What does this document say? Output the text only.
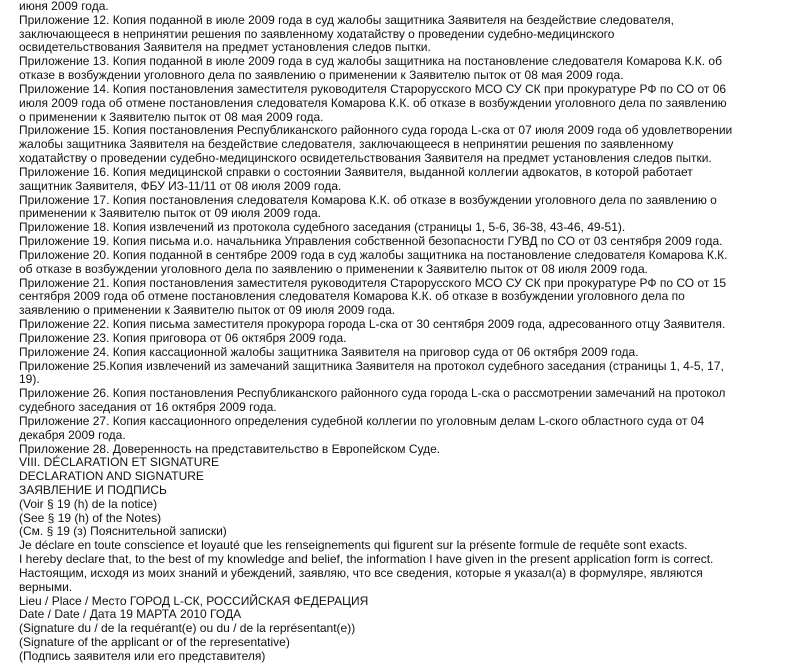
июня 2009 года.
Приложение 12. Копия поданной в июле 2009 года в суд жалобы защитника Заявителя на бездействие следователя,
заключающееся в непринятии решения по заявленному ходатайству о проведении судебно-медицинского
освидетельствования Заявителя на предмет установления следов пытки.
Приложение 13. Копия поданной в июле 2009 года в суд жалобы защитника на постановление следователя Комарова К.К. об
отказе в возбуждении уголовного дела по заявлению о применении к Заявителю пыток от 08 мая 2009 года.
Приложение 14. Копия постановления заместителя руководителя Старорусского МСО СУ СК при прокуратуре РФ по СО от 06
июля 2009 года об отмене постановления следователя Комарова К.К. об отказе в возбуждении уголовного дела по заявлению
о применении к Заявителю пыток от 08 мая 2009 года.
Приложение 15. Копия постановления Республиканского районного суда города L-ска от 07 июля 2009 года об удовлетворении
жалобы защитника Заявителя на бездействие следователя, заключающееся в непринятии решения по заявленному
ходатайству о проведении судебно-медицинского освидетельствования Заявителя на предмет установления следов пытки.
Приложение 16. Копия медицинской справки о состоянии Заявителя, выданной коллегии адвокатов, в которой работает
защитник Заявителя, ФБУ ИЗ-11/11 от 08 июля 2009 года.
Приложение 17. Копия постановления следователя Комарова К.К. об отказе в возбуждении уголовного дела по заявлению о
применении к Заявителю пыток от 09 июля 2009 года.
Приложение 18. Копия извлечений из протокола судебного заседания (страницы 1, 5-6, 36-38, 43-46, 49-51).
Приложение 19. Копия письма и.о. начальника Управления собственной безопасности ГУВД по СО от 03 сентября 2009 года.
Приложение 20. Копия поданной в сентябре 2009 года в суд жалобы защитника на постановление следователя Комарова К.К.
об отказе в возбуждении уголовного дела по заявлению о применении к Заявителю пыток от 08 июля 2009 года.
Приложение 21. Копия постановления заместителя руководителя Старорусского МСО СУ СК при прокуратуре РФ по СО от 15
сентября 2009 года об отмене постановления следователя Комарова К.К. об отказе в возбуждении уголовного дела по
заявлению о применении к Заявителю пыток от 09 июля 2009 года.
Приложение 22. Копия письма заместителя прокурора города L-ска от 30 сентября 2009 года, адресованного отцу Заявителя.
Приложение 23. Копия приговора от 06 октября 2009 года.
Приложение 24. Копия кассационной жалобы защитника Заявителя на приговор суда от 06 октября 2009 года.
Приложение 25.Копия извлечений из замечаний защитника Заявителя на протокол судебного заседания (страницы 1, 4-5, 17,
19).
Приложение 26. Копия постановления Республиканского районного суда города L-ска о рассмотрении замечаний на протокол
судебного заседания от 16 октября 2009 года.
Приложение 27. Копия кассационного определения судебной коллегии по уголовным делам L-ского областного суда от 04
декабря 2009 года.
Приложение 28. Доверенность на представительство в Европейском Суде.
VIII. DÉCLARATION ET SIGNATURE
DECLARATION AND SIGNATURE
ЗАЯВЛЕНИЕ И ПОДПИСЬ
(Voir § 19 (h) de la notice)
(See § 19 (h) of the Notes)
(См. § 19 (з) Пояснительной записки)
Je déclare en toute conscience et loyauté que les renseignements qui figurent sur la présente formule de requête sont exacts.
I hereby declare that, to the best of my knowledge and belief, the information I have given in the present application form is correct.
Настоящим, исходя из моих знаний и убеждений, заявляю, что все сведения, которые я указал(а) в формуляре, являются
верными.
Lieu / Place / Место ГОРОД L-СК, РОССИЙСКАЯ ФЕДЕРАЦИЯ
Date / Date / Дата 19 МАРТА 2010 ГОДА
(Signature du / de la requérant(e) ou du / de la représentant(e))
(Signature of the applicant or of the representative)
(Подпись заявителя или его представителя)
